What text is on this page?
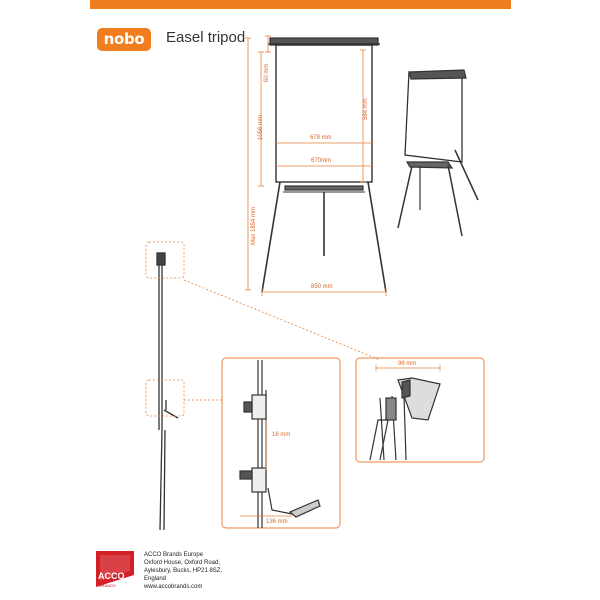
nobo	Easel tripod
60 mm
1056 mm
584 mm
678 mm
670mm
Max 1854 mm
850 mm
16 mm
136 mm
96 mm
ACCO
BRANDS
ACCO Brands Europe
Oxford House, Oxford Road,
Aylesbury, Bucks, HP21 8SZ,
England
www.accobrands.com
